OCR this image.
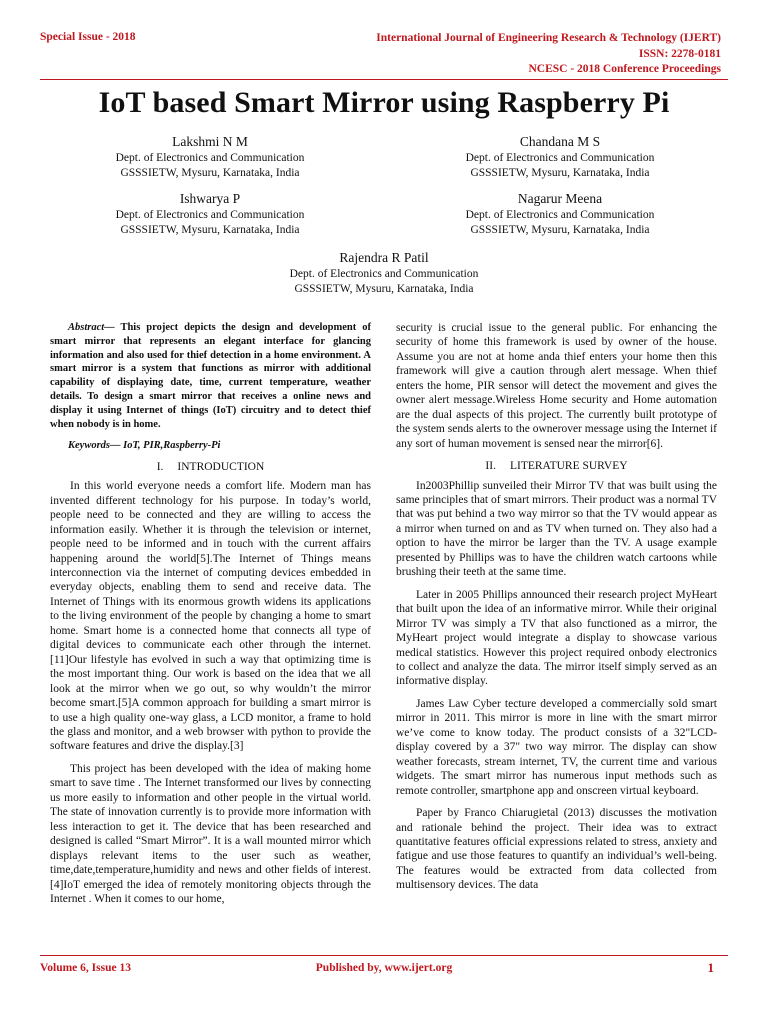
Special Issue - 2018	International Journal of Engineering Research & Technology (IJERT)
ISSN: 2278-0181
NCESC - 2018 Conference Proceedings
IoT based Smart Mirror using Raspberry Pi
Lakshmi N M
Dept. of Electronics and Communication
GSSSIETW, Mysuru, Karnataka, India
Chandana M S
Dept. of Electronics and Communication
GSSSIETW, Mysuru, Karnataka, India
Ishwarya P
Dept. of Electronics and Communication
GSSSIETW, Mysuru, Karnataka, India
Nagarur Meena
Dept. of Electronics and Communication
GSSSIETW, Mysuru, Karnataka, India
Rajendra R Patil
Dept. of Electronics and Communication
GSSSIETW, Mysuru, Karnataka, India

Abstract— This project depicts the design and development of smart mirror that represents an elegant interface for glancing information and also used for thief detection in a home environment. A smart mirror is a system that functions as mirror with additional capability of displaying date, time, current temperature, weather details. To design a smart mirror that receives a online news and display it using Internet of things (IoT) circuitry and to detect thief when nobody is in home.

Keywords— IoT, PIR,Raspberry-Pi

I. INTRODUCTION

In this world everyone needs a comfort life. Modern man has invented different technology for his purpose. In today’s world, people need to be connected and they are willing to access the information easily. Whether it is through the television or internet, people need to be informed and in touch with the current affairs happening around the world[5].The Internet of Things means interconnection via the internet of computing devices embedded in everyday objects, enabling them to send and receive data. The Internet of Things with its enormous growth widens its applications to the living environment of the people by changing a home to smart home. Smart home is a connected home that connects all type of digital devices to communicate each other through the internet.[11]Our lifestyle has evolved in such a way that optimizing time is the most important thing. Our work is based on the idea that we all look at the mirror when we go out, so why wouldn’t the mirror become smart.[5]A common approach for building a smart mirror is to use a high quality one-way glass, a LCD monitor, a frame to hold the glass and monitor, and a web browser with python to provide the software features and drive the display.[3]

This project has been developed with the idea of making home smart to save time . The Internet transformed our lives by connecting us more easily to information and other people in the virtual world. The state of innovation currently is to provide more information with less interaction to get it. The device that has been researched and designed is called “Smart Mirror”. It is a wall mounted mirror which displays relevant items to the user such as weather, time,date,temperature,humidity and news and other fields of interest.[4]IoT emerged the idea of remotely monitoring objects through the Internet . When it comes to our home,

security is crucial issue to the general public. For enhancing the security of home this framework is used by owner of the house. Assume you are not at home anda thief enters your home then this framework will give a caution through alert message. When thief enters the home, PIR sensor will detect the movement and gives the owner alert message.Wireless Home security and Home automation are the dual aspects of this project. The currently built prototype of the system sends alerts to the ownerover message using the Internet if any sort of human movement is sensed near the mirror[6].

II. LITERATURE SURVEY

In2003Phillip sunveiled their Mirror TV that was built using the same principles that of smart mirrors. Their product was a normal TV that was put behind a two way mirror so that the TV would appear as a mirror when turned on and as TV when turned on. They also had a option to have the mirror be larger than the TV. A usage example presented by Phillips was to have the children watch cartoons while brushing their teeth at the same time.

Later in 2005 Phillips announced their research project MyHeart that built upon the idea of an informative mirror. While their original Mirror TV was simply a TV that also functioned as a mirror, the MyHeart project would integrate a display to showcase various medical statistics. However this project required onbody electronics to collect and analyze the data. The mirror itself simply served as an informative display.

James Law Cyber tecture developed a commercially sold smart mirror in 2011. This mirror is more in line with the smart mirror we’ve come to know today. The product consists of a 32"LCD-display covered by a 37" two way mirror. The display can show weather forecasts, stream internet, TV, the current time and various widgets. The smart mirror has numerous input methods such as remote controller, smartphone app and onscreen virtual keyboard.

Paper by Franco Chiarugietal (2013) discusses the motivation and rationale behind the project. Their idea was to extract quantitative features official expressions related to stress, anxiety and fatigue and use those features to quantify an individual’s well-being. The features would be extracted from data collected from multisensory devices. The data

Volume 6, Issue 13	Published by, www.ijert.org	1
